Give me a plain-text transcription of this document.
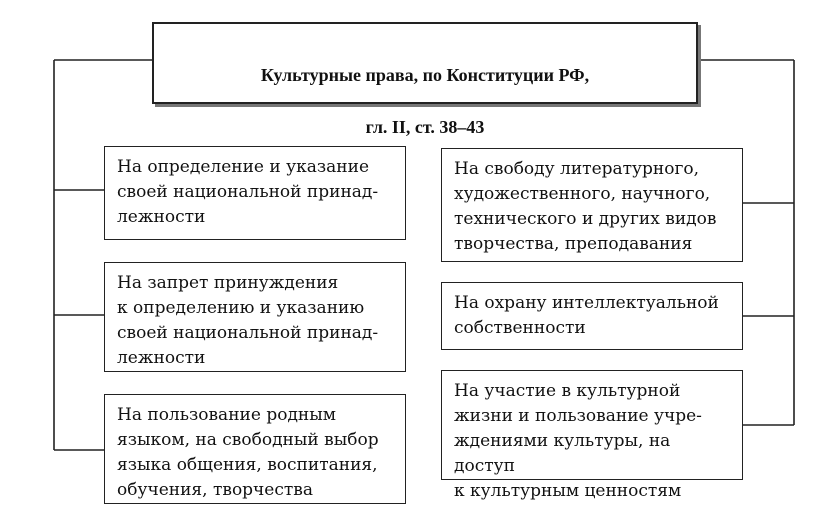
Культурные права, по Конституции РФ,

гл. II, ст. 38–43

На определение и указание
своей национальной принад-
лежности
На запрет принуждения
к определению и указанию
своей национальной принад-
лежности
На пользование родным
языком, на свободный выбор
языка общения, воспитания,
обучения, творчества
На свободу литературного,
художественного, научного,
технического и других видов
творчества, преподавания
На охрану интеллектуальной
собственности
На участие в культурной
жизни и пользование учре-
ждениями культуры, на доступ
к культурным ценностям
